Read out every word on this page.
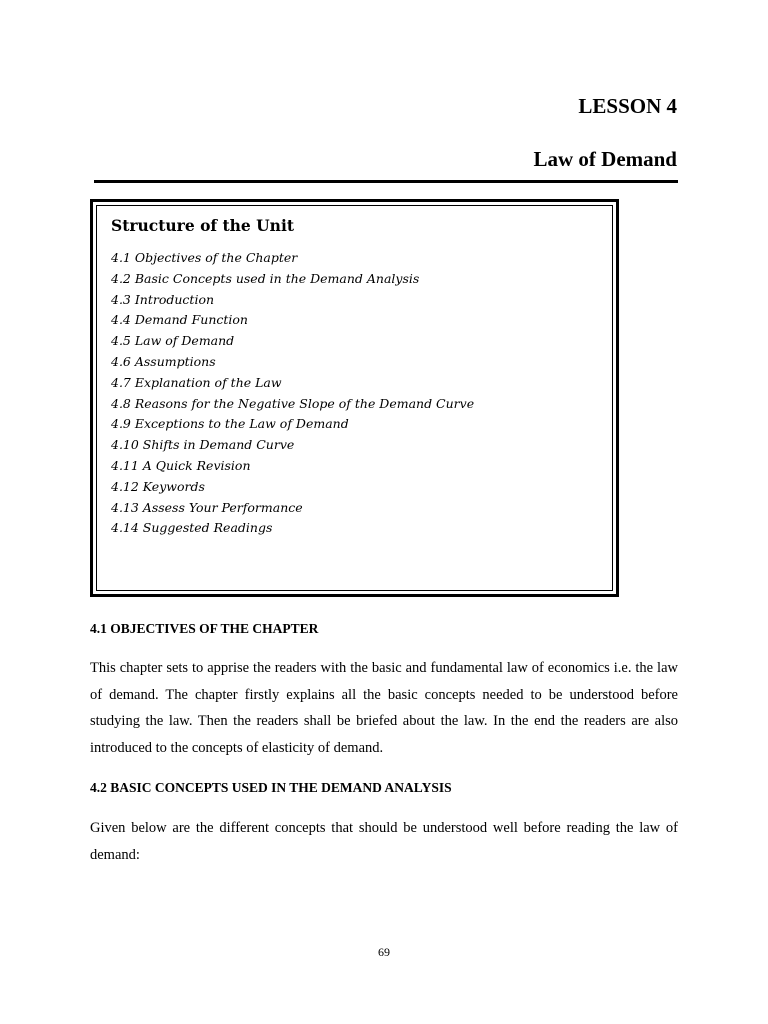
LESSON 4
Law of Demand
Structure of the Unit
4.1 Objectives of the Chapter
4.2 Basic Concepts used in the Demand Analysis
4.3 Introduction
4.4 Demand Function
4.5 Law of Demand
4.6 Assumptions
4.7 Explanation of the Law
4.8 Reasons for the Negative Slope of the Demand Curve
4.9 Exceptions to the Law of Demand
4.10 Shifts in Demand Curve
4.11 A Quick Revision
4.12 Keywords
4.13 Assess Your Performance
4.14 Suggested Readings
4.1 OBJECTIVES OF THE CHAPTER

This chapter sets to apprise the readers with the basic and fundamental law of economics i.e. the law of demand. The chapter firstly explains all the basic concepts needed to be understood before studying the law. Then the readers shall be briefed about the law. In the end the readers are also introduced to the concepts of elasticity of demand.

4.2 BASIC CONCEPTS USED IN THE DEMAND ANALYSIS

Given below are the different concepts that should be understood well before reading the law of demand:

69
